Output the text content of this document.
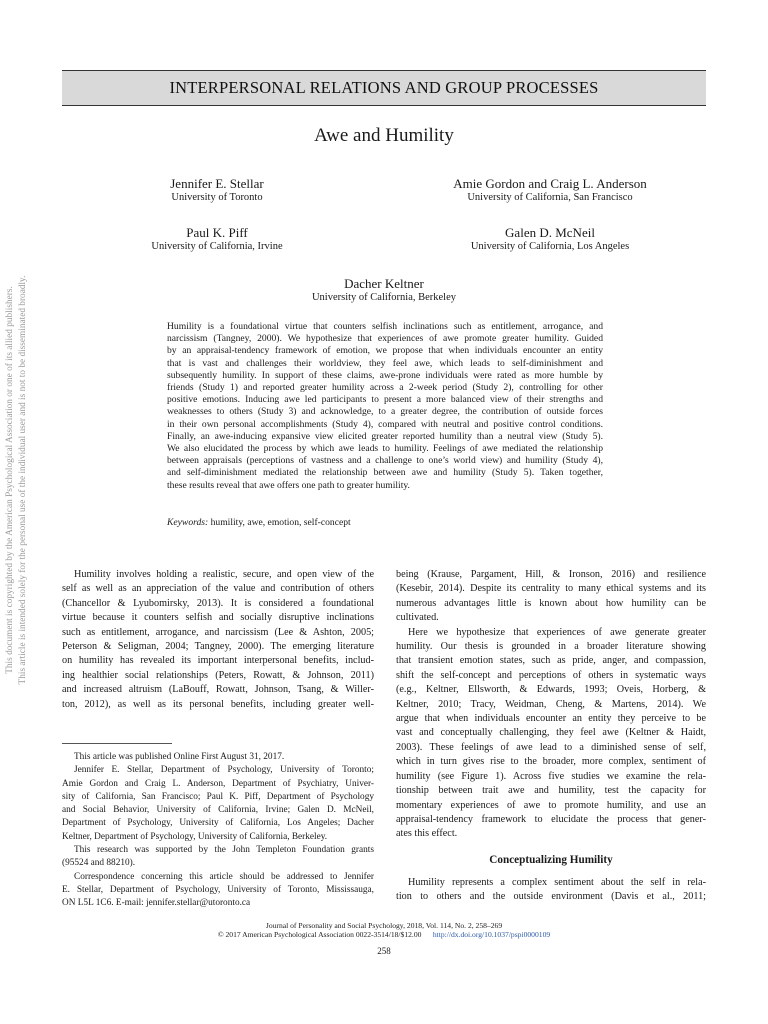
This document is copyrighted by the American Psychological Association or one of its allied publishers. This article is intended solely for the personal use of the individual user and is not to be disseminated broadly.
INTERPERSONAL RELATIONS AND GROUP PROCESSES
Awe and Humility
Jennifer E. Stellar
University of Toronto
Amie Gordon and Craig L. Anderson
University of California, San Francisco
Paul K. Piff
University of California, Irvine
Galen D. McNeil
University of California, Los Angeles
Dacher Keltner
University of California, Berkeley
Humility is a foundational virtue that counters selfish inclinations such as entitlement, arrogance, and
narcissism (Tangney, 2000). We hypothesize that experiences of awe promote greater humility. Guided
by an appraisal-tendency framework of emotion, we propose that when individuals encounter an entity
that is vast and challenges their worldview, they feel awe, which leads to self-diminishment and
subsequently humility. In support of these claims, awe-prone individuals were rated as more humble by
friends (Study 1) and reported greater humility across a 2-week period (Study 2), controlling for other
positive emotions. Inducing awe led participants to present a more balanced view of their strengths and
weaknesses to others (Study 3) and acknowledge, to a greater degree, the contribution of outside forces
in their own personal accomplishments (Study 4), compared with neutral and positive control conditions.
Finally, an awe-inducing expansive view elicited greater reported humility than a neutral view (Study 5).
We also elucidated the process by which awe leads to humility. Feelings of awe mediated the relationship
between appraisals (perceptions of vastness and a challenge to one’s world view) and humility (Study 4),
and self-diminishment mediated the relationship between awe and humility (Study 5). Taken together,
these results reveal that awe offers one path to greater humility.
Keywords: humility, awe, emotion, self-concept
Humility involves holding a realistic, secure, and open view of the
self as well as an appreciation of the value and contribution of others
(Chancellor & Lyubomirsky, 2013). It is considered a foundational
virtue because it counters selfish and socially disruptive inclinations
such as entitlement, arrogance, and narcissism (Lee & Ashton, 2005;
Peterson & Seligman, 2004; Tangney, 2000). The emerging literature
on humility has revealed its important interpersonal benefits, includ-
ing healthier social relationships (Peters, Rowatt, & Johnson, 2011)
and increased altruism (LaBouff, Rowatt, Johnson, Tsang, & Willer-
ton, 2012), as well as its personal benefits, including greater well-
This article was published Online First August 31, 2017.
Jennifer E. Stellar, Department of Psychology, University of Toronto;
Amie Gordon and Craig L. Anderson, Department of Psychiatry, Univer-
sity of California, San Francisco; Paul K. Piff, Department of Psychology
and Social Behavior, University of California, Irvine; Galen D. McNeil,
Department of Psychology, University of California, Los Angeles; Dacher
Keltner, Department of Psychology, University of California, Berkeley.
This research was supported by the John Templeton Foundation grants
(95524 and 88210).
Correspondence concerning this article should be addressed to Jennifer
E. Stellar, Department of Psychology, University of Toronto, Mississauga,
ON L5L 1C6. E-mail: jennifer.stellar@utoronto.ca
being (Krause, Pargament, Hill, & Ironson, 2016) and resilience
(Kesebir, 2014). Despite its centrality to many ethical systems and its
numerous advantages little is known about how humility can be
cultivated.
Here we hypothesize that experiences of awe generate greater
humility. Our thesis is grounded in a broader literature showing
that transient emotion states, such as pride, anger, and compassion,
shift the self-concept and perceptions of others in systematic ways
(e.g., Keltner, Ellsworth, & Edwards, 1993; Oveis, Horberg, &
Keltner, 2010; Tracy, Weidman, Cheng, & Martens, 2014). We
argue that when individuals encounter an entity they perceive to be
vast and conceptually challenging, they feel awe (Keltner & Haidt,
2003). These feelings of awe lead to a diminished sense of self,
which in turn gives rise to the broader, more complex, sentiment of
humility (see Figure 1). Across five studies we examine the rela-
tionship between trait awe and humility, test the capacity for
momentary experiences of awe to promote humility, and use an
appraisal-tendency framework to elucidate the process that gener-
ates this effect.
Conceptualizing Humility
Humility represents a complex sentiment about the self in rela-
tion to others and the outside environment (Davis et al., 2011;
Journal of Personality and Social Psychology, 2018, Vol. 114, No. 2, 258–269
© 2017 American Psychological Association 0022-3514/18/$12.00 http://dx.doi.org/10.1037/pspi0000109
258
